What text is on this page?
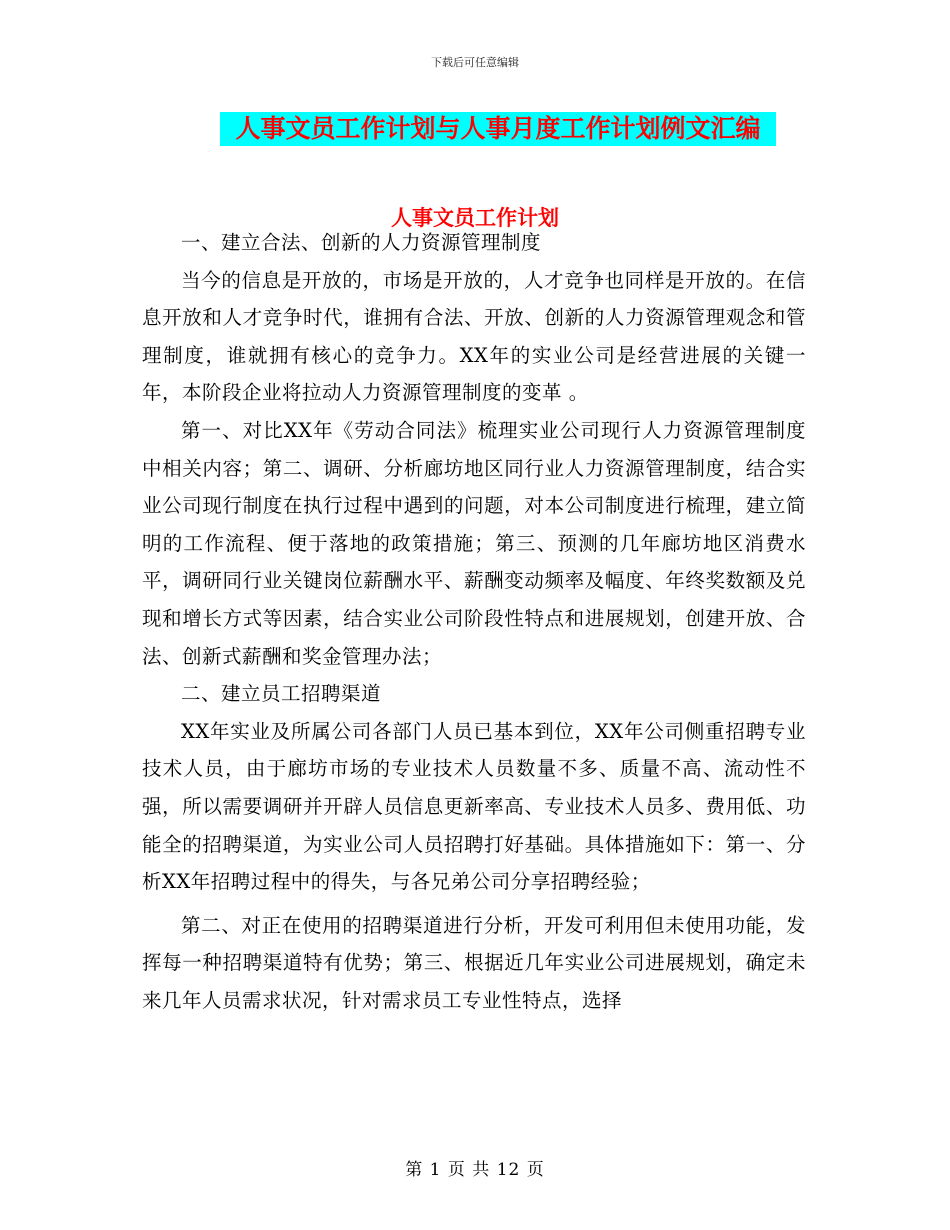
下载后可任意编辑
人事文员工作计划与人事月度工作计划例文汇编
人事文员工作计划

一、建立合法、创新的人力资源管理制度

当今的信息是开放的，市场是开放的，人才竞争也同样是开放的。在信息开放和人才竞争时代，谁拥有合法、开放、创新的人力资源管理观念和管理制度，谁就拥有核心的竞争力。XX年的实业公司是经营进展的关键一年，本阶段企业将拉动人力资源管理制度的变革 。

第一、对比XX年《劳动合同法》梳理实业公司现行人力资源管理制度中相关内容；第二、调研、分析廊坊地区同行业人力资源管理制度，结合实业公司现行制度在执行过程中遇到的问题，对本公司制度进行梳理，建立简明的工作流程、便于落地的政策措施；第三、预测的几年廊坊地区消费水平，调研同行业关键岗位薪酬水平、薪酬变动频率及幅度、年终奖数额及兑现和增长方式等因素，结合实业公司阶段性特点和进展规划，创建开放、合法、创新式薪酬和奖金管理办法；

二、建立员工招聘渠道

XX年实业及所属公司各部门人员已基本到位，XX年公司侧重招聘专业技术人员，由于廊坊市场的专业技术人员数量不多、质量不高、流动性不强，所以需要调研并开辟人员信息更新率高、专业技术人员多、费用低、功能全的招聘渠道，为实业公司人员招聘打好基础。具体措施如下：第一、分析XX年招聘过程中的得失，与各兄弟公司分享招聘经验；

第二、对正在使用的招聘渠道进行分析，开发可利用但未使用功能，发挥每一种招聘渠道特有优势；第三、根据近几年实业公司进展规划，确定未来几年人员需求状况，针对需求员工专业性特点，选择

第 1 页 共 12 页
